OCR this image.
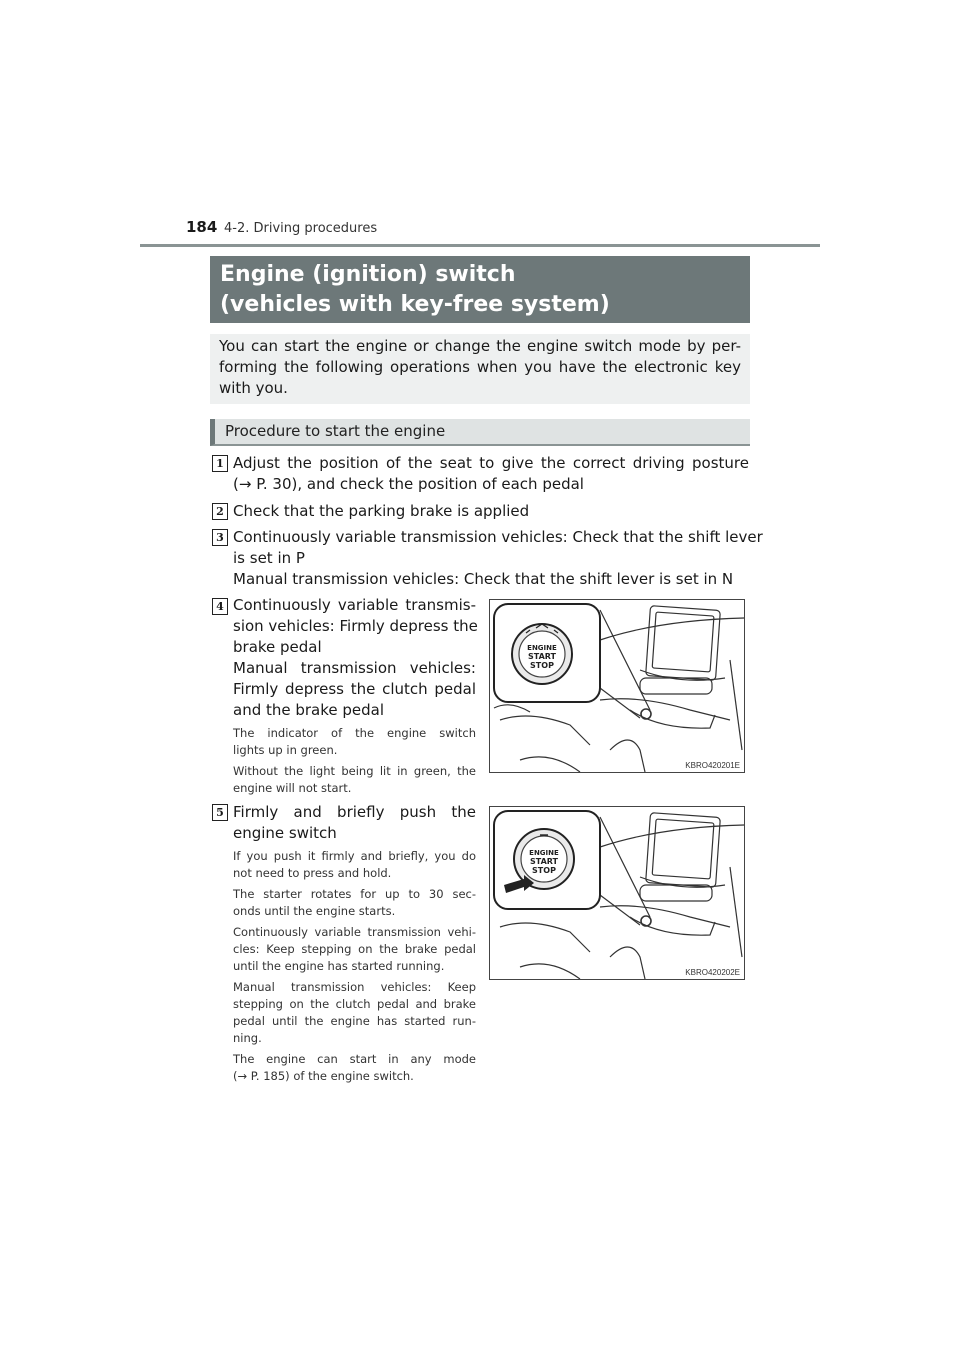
184 4-2. Driving procedures
Engine (ignition) switch
(vehicles with key-free system)
You can start the engine or change the engine switch mode by per-
forming the following operations when you have the electronic key
with you.
Procedure to start the engine
1 Adjust the position of the seat to give the correct driving posture
(→ P. 30), and check the position of each pedal
2 Check that the parking brake is applied
3 Continuously variable transmission vehicles: Check that the shift lever
is set in P
Manual transmission vehicles: Check that the shift lever is set in N
4 Continuously variable transmis-
sion vehicles: Firmly depress the
brake pedal
Manual transmission vehicles:
Firmly depress the clutch pedal
and the brake pedal
The indicator of the engine switch
lights up in green.
Without the light being lit in green, the
engine will not start.
ENGINE
START
STOP
KBRO420201E
5 Firmly and briefly push the
engine switch
If you push it firmly and briefly, you do
not need to press and hold.
The starter rotates for up to 30 sec-
onds until the engine starts.
Continuously variable transmission vehi-
cles: Keep stepping on the brake pedal
until the engine has started running.
Manual transmission vehicles: Keep
stepping on the clutch pedal and brake
pedal until the engine has started run-
ning.
The engine can start in any mode
(→ P. 185) of the engine switch.
ENGINE
START
STOP
KBRO420202E
